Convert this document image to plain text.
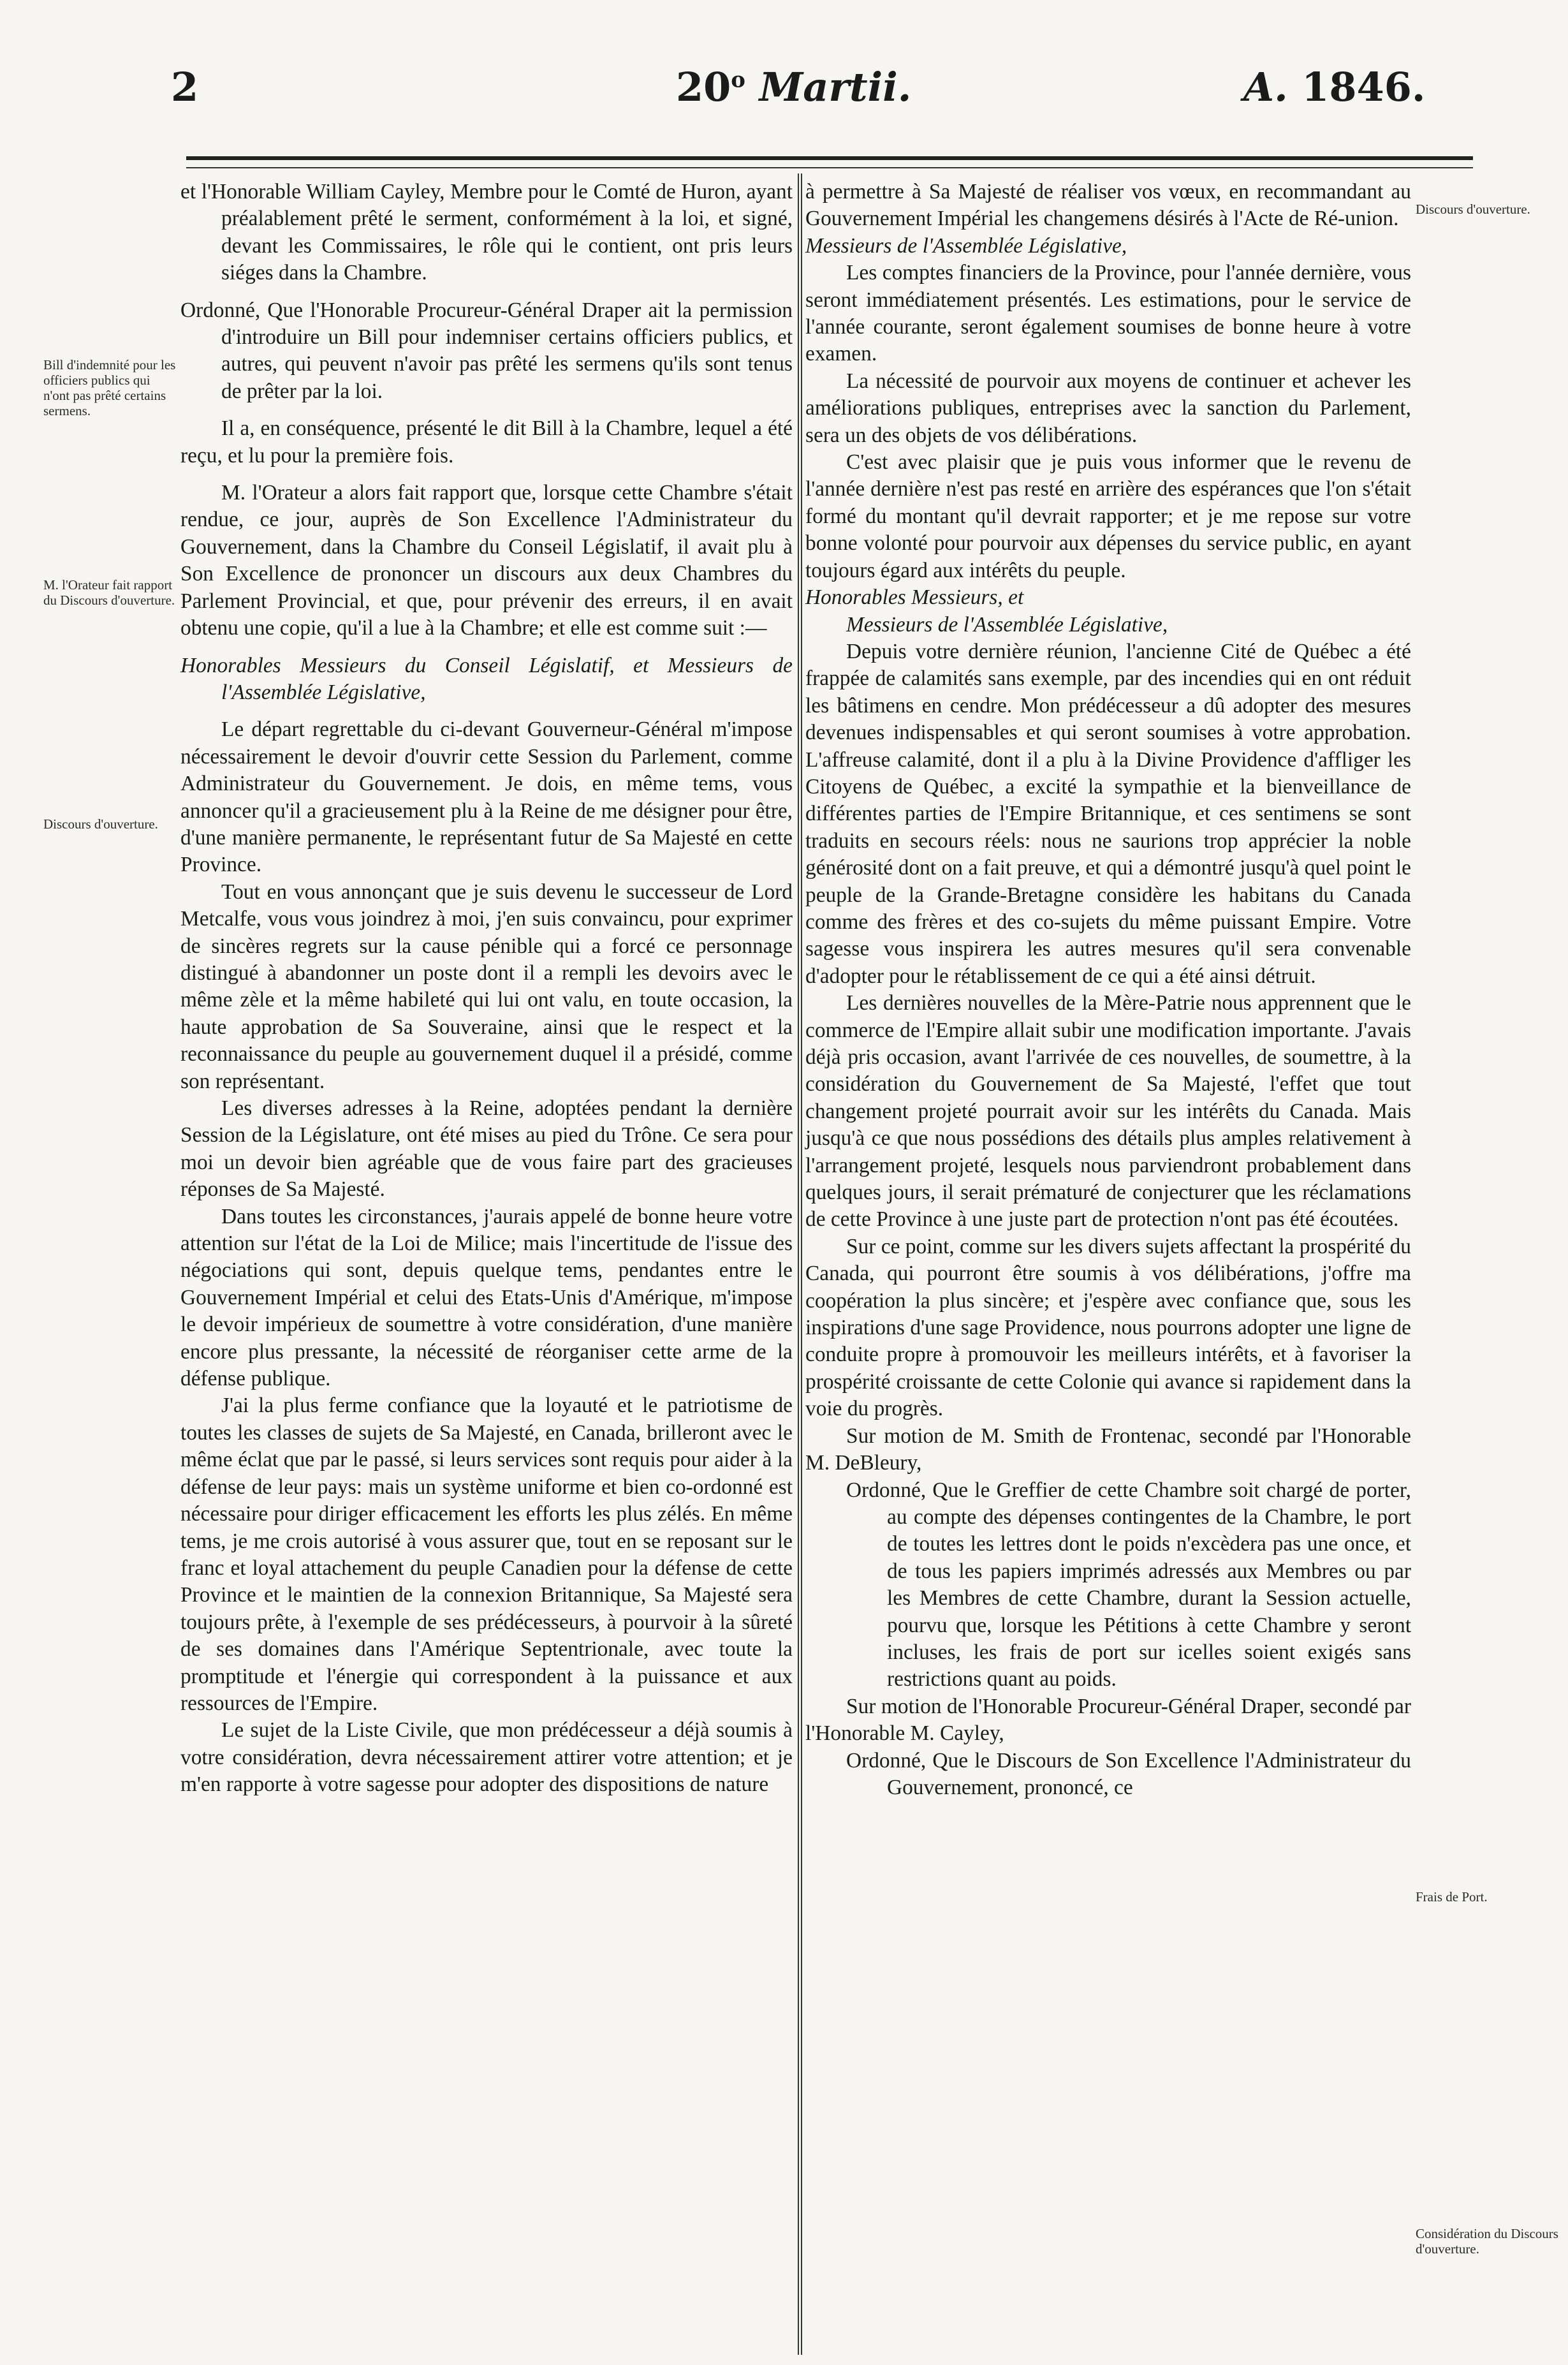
2	20$^o$ Martii.	A. 1846.
Bill d'indemnité pour les officiers publics qui n'ont pas prêté certains sermens.
M. l'Orateur fait rapport du Discours d'ouverture.
Discours d'ouverture.
Discours d'ouverture.
Frais de Port.
Considération du Discours d'ouverture.

et l'Honorable William Cayley, Membre pour le Comté de Huron, ayant préalablement prêté le serment, conformément à la loi, et signé, devant les Commissaires, le rôle qui le contient, ont pris leurs siéges dans la Chambre.

Ordonné, Que l'Honorable Procureur-Général Draper ait la permission d'introduire un Bill pour indemniser certains officiers publics, et autres, qui peuvent n'avoir pas prêté les sermens qu'ils sont tenus de prêter par la loi.

Il a, en conséquence, présenté le dit Bill à la Chambre, lequel a été reçu, et lu pour la première fois.

M. l'Orateur a alors fait rapport que, lorsque cette Chambre s'était rendue, ce jour, auprès de Son Excellence l'Administrateur du Gouvernement, dans la Chambre du Conseil Législatif, il avait plu à Son Excellence de prononcer un discours aux deux Chambres du Parlement Provincial, et que, pour prévenir des erreurs, il en avait obtenu une copie, qu'il a lue à la Chambre; et elle est comme suit :—

Honorables Messieurs du Conseil Législatif, et Messieurs de l'Assemblée Législative,

Le départ regrettable du ci-devant Gouverneur-Général m'impose nécessairement le devoir d'ouvrir cette Session du Parlement, comme Administrateur du Gouvernement. Je dois, en même tems, vous annoncer qu'il a gracieusement plu à la Reine de me désigner pour être, d'une manière permanente, le représentant futur de Sa Majesté en cette Province.

Tout en vous annonçant que je suis devenu le successeur de Lord Metcalfe, vous vous joindrez à moi, j'en suis convaincu, pour exprimer de sincères regrets sur la cause pénible qui a forcé ce personnage distingué à abandonner un poste dont il a rempli les devoirs avec le même zèle et la même habileté qui lui ont valu, en toute occasion, la haute approbation de Sa Souveraine, ainsi que le respect et la reconnaissance du peuple au gouvernement duquel il a présidé, comme son représentant.

Les diverses adresses à la Reine, adoptées pendant la dernière Session de la Législature, ont été mises au pied du Trône. Ce sera pour moi un devoir bien agréable que de vous faire part des gracieuses réponses de Sa Majesté.

Dans toutes les circonstances, j'aurais appelé de bonne heure votre attention sur l'état de la Loi de Milice; mais l'incertitude de l'issue des négociations qui sont, depuis quelque tems, pendantes entre le Gouvernement Impérial et celui des Etats-Unis d'Amérique, m'impose le devoir impérieux de soumettre à votre considération, d'une manière encore plus pressante, la nécessité de réorganiser cette arme de la défense publique.

J'ai la plus ferme confiance que la loyauté et le patriotisme de toutes les classes de sujets de Sa Majesté, en Canada, brilleront avec le même éclat que par le passé, si leurs services sont requis pour aider à la défense de leur pays: mais un système uniforme et bien co-ordonné est nécessaire pour diriger efficacement les efforts les plus zélés. En même tems, je me crois autorisé à vous assurer que, tout en se reposant sur le franc et loyal attachement du peuple Canadien pour la défense de cette Province et le maintien de la connexion Britannique, Sa Majesté sera toujours prête, à l'exemple de ses prédécesseurs, à pourvoir à la sûreté de ses domaines dans l'Amérique Septentrionale, avec toute la promptitude et l'énergie qui correspondent à la puissance et aux ressources de l'Empire.

Le sujet de la Liste Civile, que mon prédécesseur a déjà soumis à votre considération, devra nécessairement attirer votre attention; et je m'en rapporte à votre sagesse pour adopter des dispositions de nature

à permettre à Sa Majesté de réaliser vos vœux, en recommandant au Gouvernement Impérial les changemens désirés à l'Acte de Ré-union.

Messieurs de l'Assemblée Législative,

Les comptes financiers de la Province, pour l'année dernière, vous seront immédiatement présentés. Les estimations, pour le service de l'année courante, seront également soumises de bonne heure à votre examen.

La nécessité de pourvoir aux moyens de continuer et achever les améliorations publiques, entreprises avec la sanction du Parlement, sera un des objets de vos délibérations.

C'est avec plaisir que je puis vous informer que le revenu de l'année dernière n'est pas resté en arrière des espérances que l'on s'était formé du montant qu'il devrait rapporter; et je me repose sur votre bonne volonté pour pourvoir aux dépenses du service public, en ayant toujours égard aux intérêts du peuple.

Honorables Messieurs, et

Messieurs de l'Assemblée Législative,

Depuis votre dernière réunion, l'ancienne Cité de Québec a été frappée de calamités sans exemple, par des incendies qui en ont réduit les bâtimens en cendre. Mon prédécesseur a dû adopter des mesures devenues indispensables et qui seront soumises à votre approbation. L'affreuse calamité, dont il a plu à la Divine Providence d'affliger les Citoyens de Québec, a excité la sympathie et la bienveillance de différentes parties de l'Empire Britannique, et ces sentimens se sont traduits en secours réels: nous ne saurions trop apprécier la noble générosité dont on a fait preuve, et qui a démontré jusqu'à quel point le peuple de la Grande-Bretagne considère les habitans du Canada comme des frères et des co-sujets du même puissant Empire. Votre sagesse vous inspirera les autres mesures qu'il sera convenable d'adopter pour le rétablissement de ce qui a été ainsi détruit.

Les dernières nouvelles de la Mère-Patrie nous apprennent que le commerce de l'Empire allait subir une modification importante. J'avais déjà pris occasion, avant l'arrivée de ces nouvelles, de soumettre, à la considération du Gouvernement de Sa Majesté, l'effet que tout changement projeté pourrait avoir sur les intérêts du Canada. Mais jusqu'à ce que nous possédions des détails plus amples relativement à l'arrangement projeté, lesquels nous parviendront probablement dans quelques jours, il serait prématuré de conjecturer que les réclamations de cette Province à une juste part de protection n'ont pas été écoutées.

Sur ce point, comme sur les divers sujets affectant la prospérité du Canada, qui pourront être soumis à vos délibérations, j'offre ma coopération la plus sincère; et j'espère avec confiance que, sous les inspirations d'une sage Providence, nous pourrons adopter une ligne de conduite propre à promouvoir les meilleurs intérêts, et à favoriser la prospérité croissante de cette Colonie qui avance si rapidement dans la voie du progrès.

Sur motion de M. Smith de Frontenac, secondé par l'Honorable M. DeBleury,

Ordonné, Que le Greffier de cette Chambre soit chargé de porter, au compte des dépenses contingentes de la Chambre, le port de toutes les lettres dont le poids n'excèdera pas une once, et de tous les papiers imprimés adressés aux Membres ou par les Membres de cette Chambre, durant la Session actuelle, pourvu que, lorsque les Pétitions à cette Chambre y seront incluses, les frais de port sur icelles soient exigés sans restrictions quant au poids.

Sur motion de l'Honorable Procureur-Général Draper, secondé par l'Honorable M. Cayley,

Ordonné, Que le Discours de Son Excellence l'Administrateur du Gouvernement, prononcé, ce
